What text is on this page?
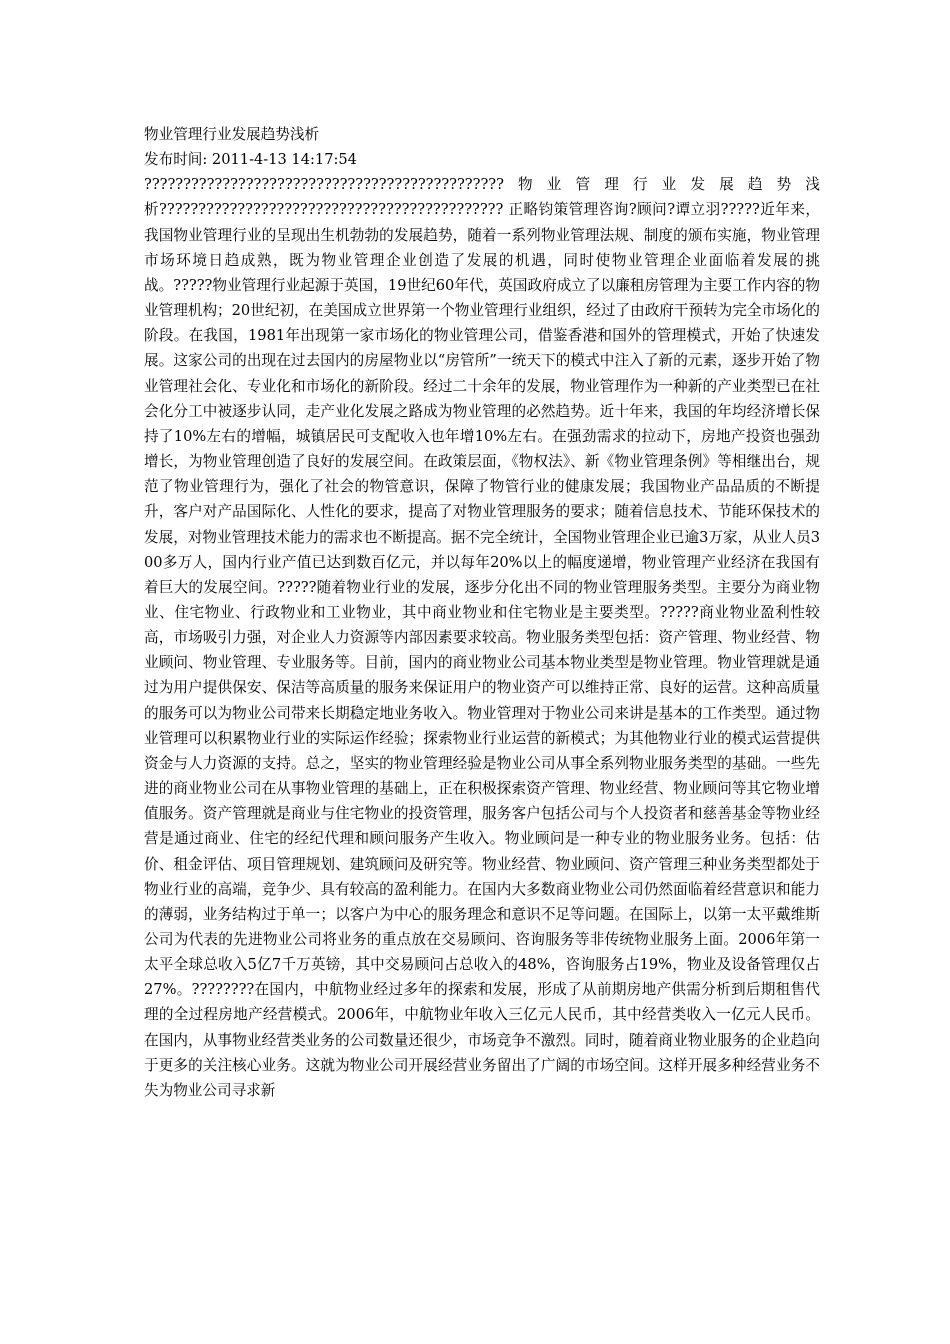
物业管理行业发展趋势浅析
发布时间: 2011-4-13 14:17:54
??????????????????????????????????????????????物业管理行业发展趋势浅析???????????????????????????????????????????? 正略钧策管理咨询?顾问?谭立羽?????近年来，我国物业管理行业的呈现出生机勃勃的发展趋势，随着一系列物业管理法规、制度的颁布实施，物业管理市场环境日趋成熟，既为物业管理企业创造了发展的机遇，同时使物业管理企业面临着发展的挑战。?????物业管理行业起源于英国，19世纪60年代，英国政府成立了以廉租房管理为主要工作内容的物业管理机构；20世纪初，在美国成立世界第一个物业管理行业组织，经过了由政府干预转为完全市场化的阶段。在我国，1981年出现第一家市场化的物业管理公司，借鉴香港和国外的管理模式，开始了快速发展。这家公司的出现在过去国内的房屋物业以“房管所”一统天下的模式中注入了新的元素，逐步开始了物业管理社会化、专业化和市场化的新阶段。经过二十余年的发展，物业管理作为一种新的产业类型已在社会化分工中被逐步认同，走产业化发展之路成为物业管理的必然趋势。近十年来，我国的年均经济增长保持了10%左右的增幅，城镇居民可支配收入也年增10%左右。在强劲需求的拉动下，房地产投资也强劲增长，为物业管理创造了良好的发展空间。在政策层面，《物权法》、新《物业管理条例》等相继出台，规范了物业管理行为，强化了社会的物管意识，保障了物管行业的健康发展；我国物业产品品质的不断提升，客户对产品国际化、人性化的要求，提高了对物业管理服务的要求；随着信息技术、节能环保技术的发展，对物业管理技术能力的需求也不断提高。据不完全统计，全国物业管理企业已逾3万家，从业人员300多万人，国内行业产值已达到数百亿元，并以每年20%以上的幅度递增，物业管理产业经济在我国有着巨大的发展空间。?????随着物业行业的发展，逐步分化出不同的物业管理服务类型。主要分为商业物业、住宅物业、行政物业和工业物业，其中商业物业和住宅物业是主要类型。?????商业物业盈利性较高，市场吸引力强，对企业人力资源等内部因素要求较高。物业服务类型包括：资产管理、物业经营、物业顾问、物业管理、专业服务等。目前，国内的商业物业公司基本物业类型是物业管理。物业管理就是通过为用户提供保安、保洁等高质量的服务来保证用户的物业资产可以维持正常、良好的运营。这种高质量的服务可以为物业公司带来长期稳定地业务收入。物业管理对于物业公司来讲是基本的工作类型。通过物业管理可以积累物业行业的实际运作经验；探索物业行业运营的新模式；为其他物业行业的模式运营提供资金与人力资源的支持。总之，坚实的物业管理经验是物业公司从事全系列物业服务类型的基础。一些先进的商业物业公司在从事物业管理的基础上，正在积极探索资产管理、物业经营、物业顾问等其它物业增值服务。资产管理就是商业与住宅物业的投资管理，服务客户包括公司与个人投资者和慈善基金等物业经营是通过商业、住宅的经纪代理和顾问服务产生收入。物业顾问是一种专业的物业服务业务。包括：估价、租金评估、项目管理规划、建筑顾问及研究等。物业经营、物业顾问、资产管理三种业务类型都处于物业行业的高端，竞争少、具有较高的盈利能力。在国内大多数商业物业公司仍然面临着经营意识和能力的薄弱，业务结构过于单一；以客户为中心的服务理念和意识不足等问题。在国际上，以第一太平戴维斯公司为代表的先进物业公司将业务的重点放在交易顾问、咨询服务等非传统物业服务上面。2006年第一太平全球总收入5亿7千万英镑，其中交易顾问占总收入的48%，咨询服务占19%，物业及设备管理仅占27%。????????在国内，中航物业经过多年的探索和发展，形成了从前期房地产供需分析到后期租售代理的全过程房地产经营模式。2006年，中航物业年收入三亿元人民币，其中经营类收入一亿元人民币。在国内，从事物业经营类业务的公司数量还很少，市场竞争不激烈。同时，随着商业物业服务的企业趋向于更多的关注核心业务。这就为物业公司开展经营业务留出了广阔的市场空间。这样开展多种经营业务不失为物业公司寻求新
